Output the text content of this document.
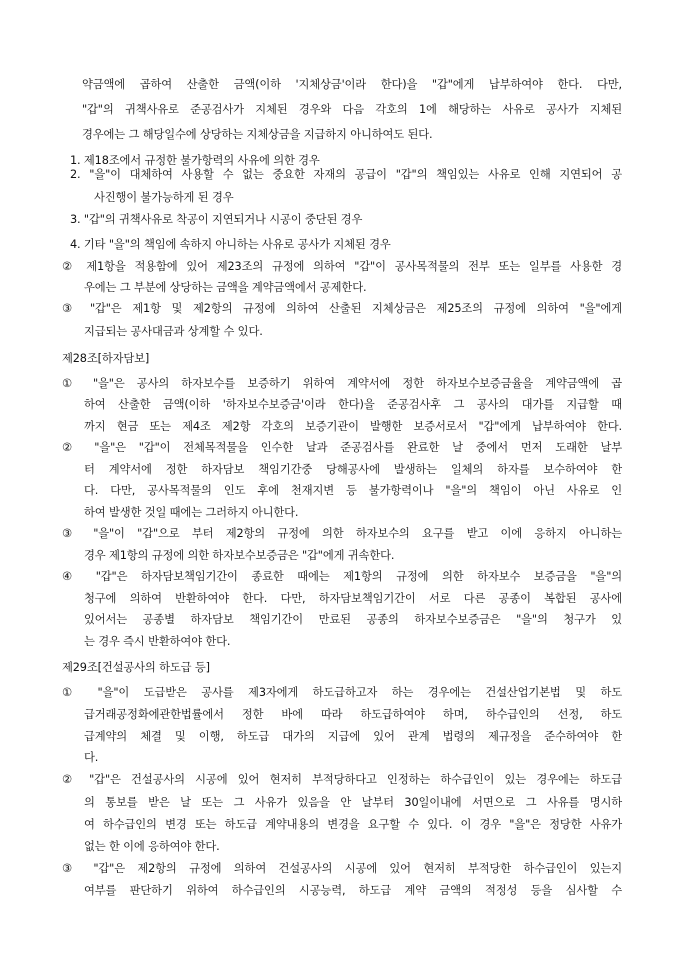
약금액에 곱하여 산출한 금액(이하 '지체상금'이라 한다)을 "갑"에게 납부하여야 한다. 다만,
"갑"의 귀책사유로 준공검사가 지체된 경우와 다음 각호의 1에 해당하는 사유로 공사가 지체된
경우에는 그 해당일수에 상당하는 지체상금을 지급하지 아니하여도 된다.
1. 제18조에서 규정한 불가항력의 사유에 의한 경우
2. "을"이 대체하여 사용할 수 없는 중요한 자재의 공급이 "갑"의 책임있는 사유로 인해 지연되어 공
사진행이 불가능하게 된 경우
3. "갑"의 귀책사유로 착공이 지연되거나 시공이 중단된 경우
4. 기타 "을"의 책임에 속하지 아니하는 사유로 공사가 지체된 경우
② 제1항을 적용함에 있어 제23조의 규정에 의하여 "갑"이 공사목적물의 전부 또는 일부를 사용한 경
우에는 그 부분에 상당하는 금액을 계약금액에서 공제한다.
③ "갑"은 제1항 및 제2항의 규정에 의하여 산출된 지체상금은 제25조의 규정에 의하여 "을"에게
지급되는 공사대금과 상계할 수 있다.
제28조[하자담보]
① "을"은 공사의 하자보수를 보증하기 위하여 계약서에 정한 하자보수보증금율을 계약금액에 곱
하여 산출한 금액(이하 '하자보수보증금'이라 한다)을 준공검사후 그 공사의 대가를 지급할 때
까지 현금 또는 제4조 제2항 각호의 보증기관이 발행한 보증서로서 "갑"에게 납부하여야 한다.
② "을"은 "갑"이 전체목적물을 인수한 날과 준공검사를 완료한 날 중에서 먼저 도래한 날부
터 계약서에 정한 하자담보 책임기간중 당해공사에 발생하는 일체의 하자를 보수하여야 한
다. 다만, 공사목적물의 인도 후에 천재지변 등 불가항력이나 "을"의 책임이 아닌 사유로 인
하여 발생한 것일 때에는 그러하지 아니한다.
③ "을"이 "갑"으로 부터 제2항의 규정에 의한 하자보수의 요구를 받고 이에 응하지 아니하는
경우 제1항의 규정에 의한 하자보수보증금은 "갑"에게 귀속한다.
④ "갑"은 하자담보책임기간이 종료한 때에는 제1항의 규정에 의한 하자보수 보증금을 "을"의
청구에 의하여 반환하여야 한다. 다만, 하자담보책임기간이 서로 다른 공종이 복합된 공사에
있어서는 공종별 하자담보 책임기간이 만료된 공종의 하자보수보증금은 "을"의 청구가 있
는 경우 즉시 반환하여야 한다.
제29조[건설공사의 하도급 등]
① "을"이 도급받은 공사를 제3자에게 하도급하고자 하는 경우에는 건설산업기본법 및 하도
급거래공정화에관한법률에서 정한 바에 따라 하도급하여야 하며, 하수급인의 선정, 하도
급계약의 체결 및 이행, 하도급 대가의 지급에 있어 관계 법령의 제규정을 준수하여야 한
다.
② "갑"은 건설공사의 시공에 있어 현저히 부적당하다고 인정하는 하수급인이 있는 경우에는 하도급
의 통보를 받은 날 또는 그 사유가 있음을 안 날부터 30일이내에 서면으로 그 사유를 명시하
여 하수급인의 변경 또는 하도급 계약내용의 변경을 요구할 수 있다. 이 경우 "을"은 정당한 사유가
없는 한 이에 응하여야 한다.
③ "갑"은 제2항의 규정에 의하여 건설공사의 시공에 있어 현저히 부적당한 하수급인이 있는지
여부를 판단하기 위하여 하수급인의 시공능력, 하도급 계약 금액의 적정성 등을 심사할 수
